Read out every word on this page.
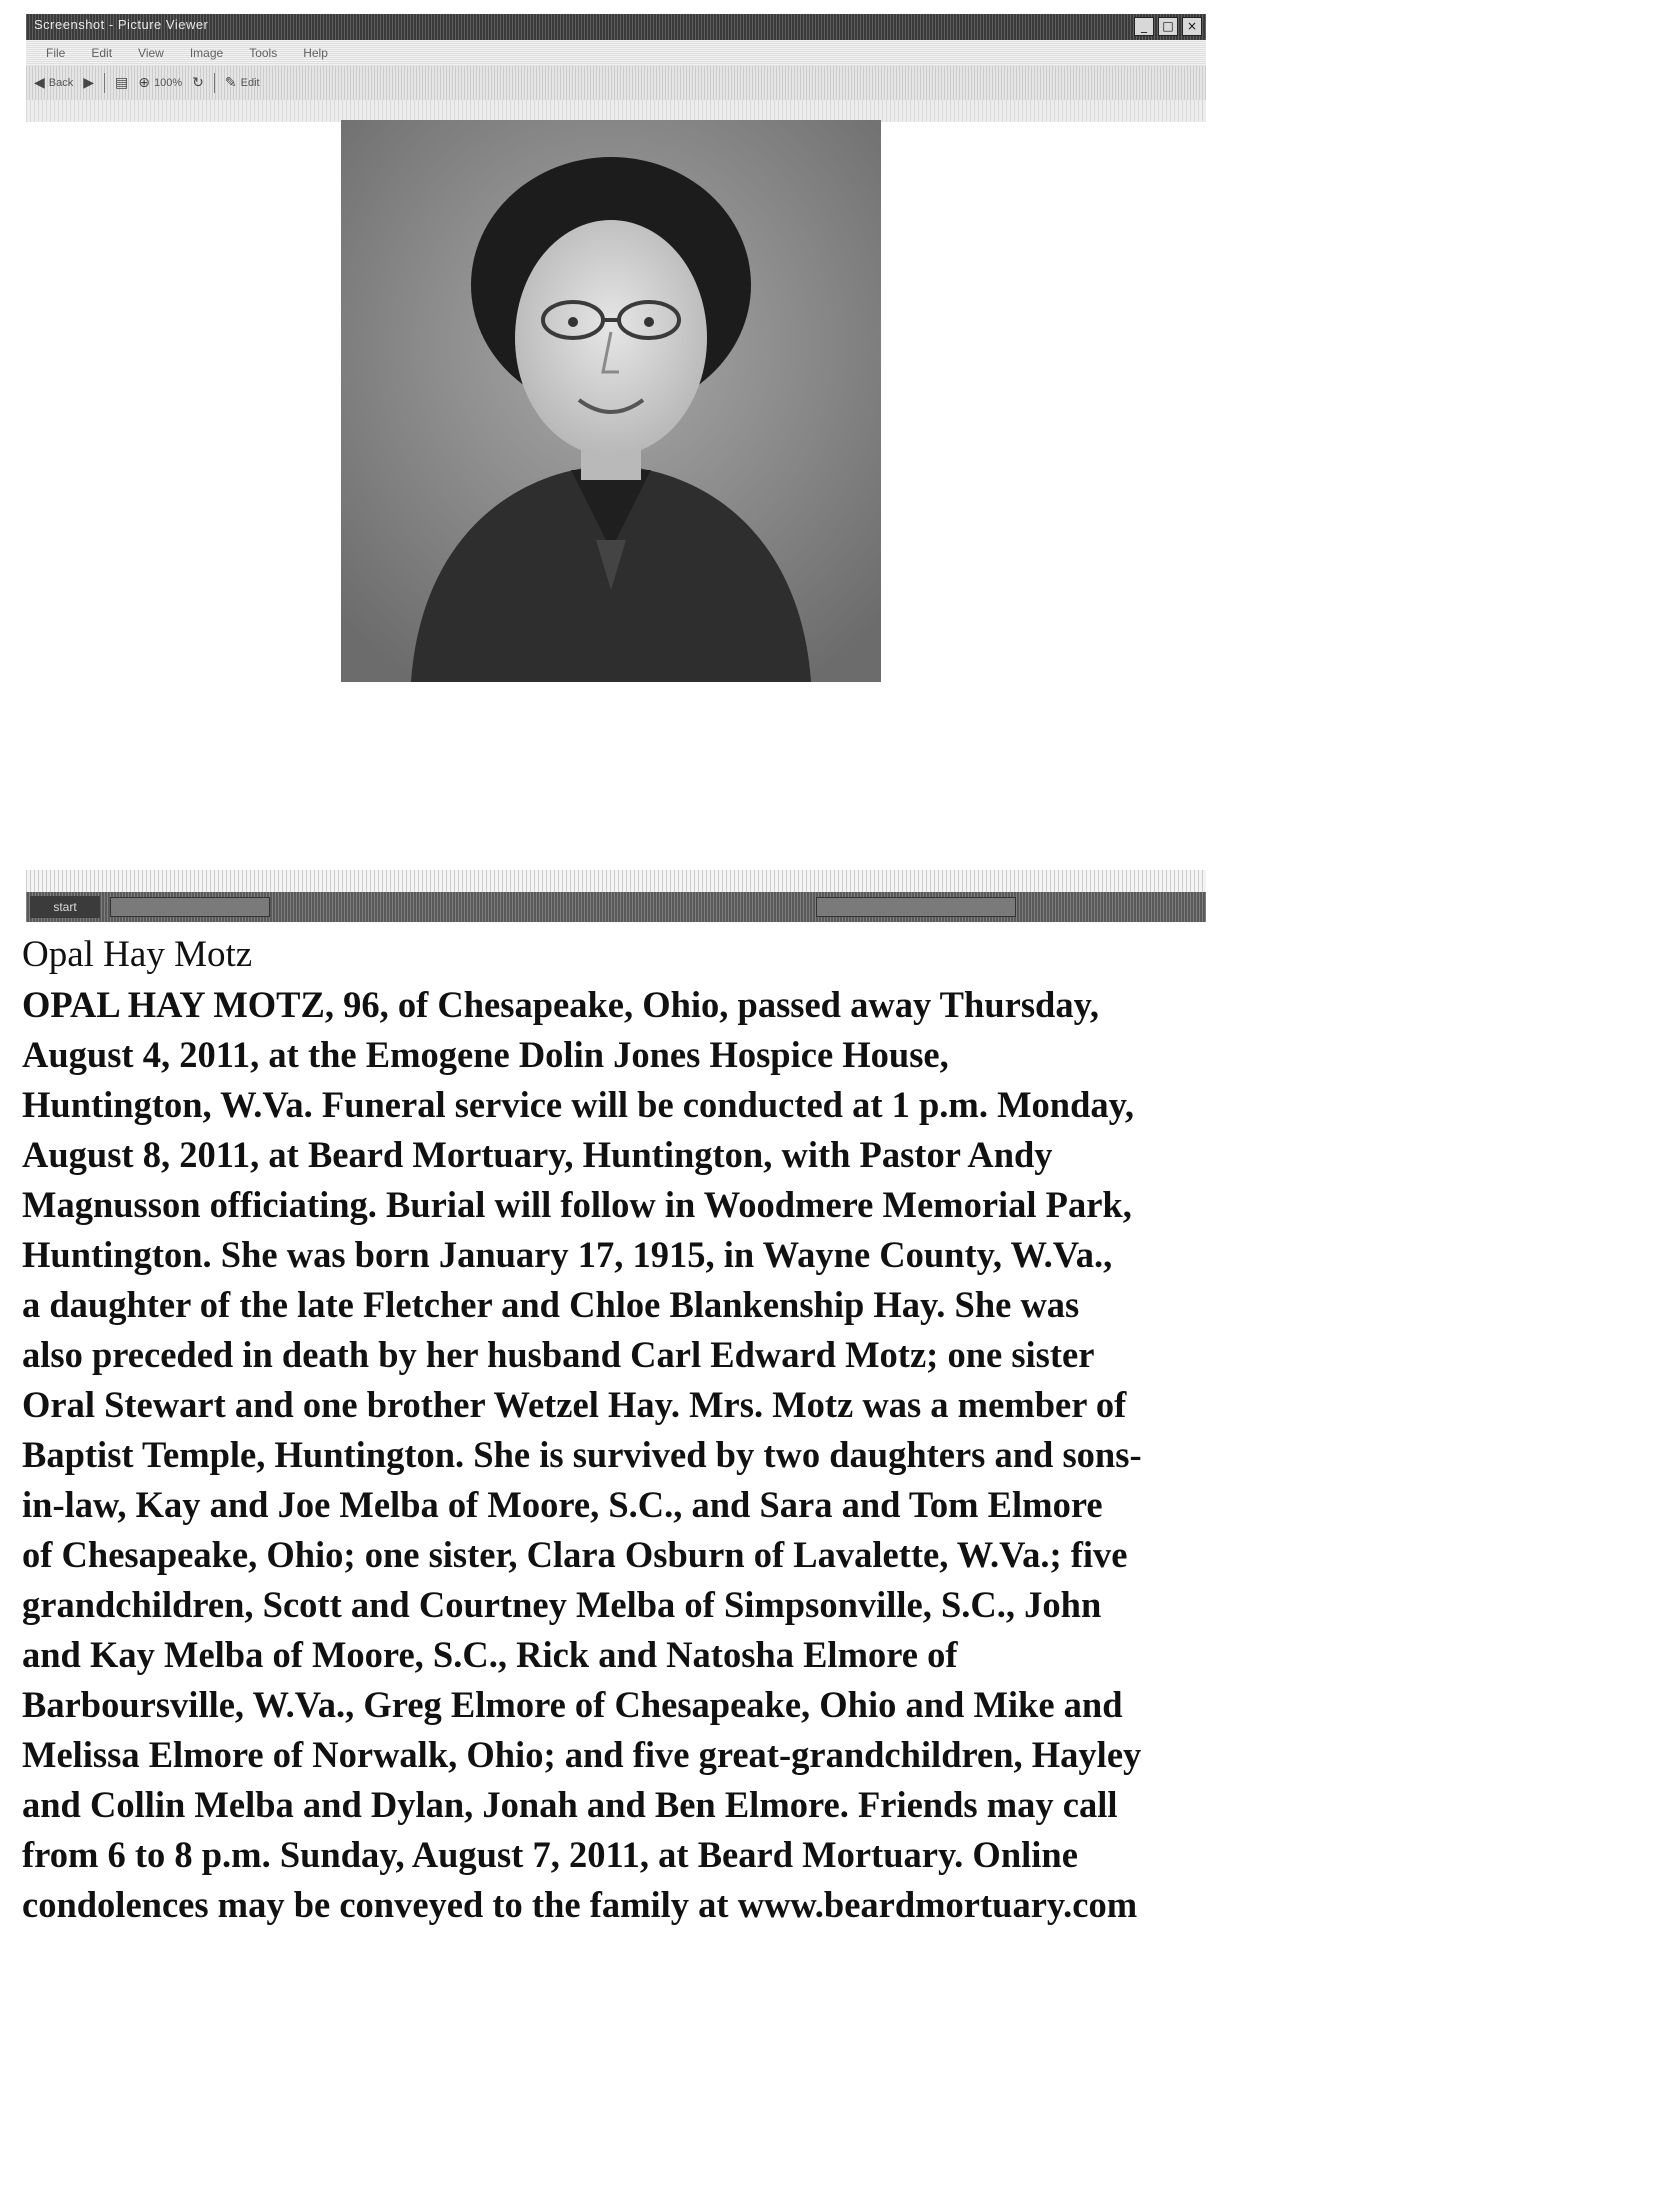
Screenshot - Picture Viewer	_	□	×
File Edit View Image Tools Help
◀ Back ▶ ▤ ⊕ 100% ↻ ✎ Edit
start

Opal Hay Motz

OPAL HAY MOTZ, 96, of Chesapeake, Ohio, passed away Thursday,

August 4, 2011, at the Emogene Dolin Jones Hospice House,

Huntington, W.Va. Funeral service will be conducted at 1 p.m. Monday,

August 8, 2011, at Beard Mortuary, Huntington, with Pastor Andy

Magnusson officiating. Burial will follow in Woodmere Memorial Park,

Huntington. She was born January 17, 1915, in Wayne County, W.Va.,

a daughter of the late Fletcher and Chloe Blankenship Hay. She was

also preceded in death by her husband Carl Edward Motz; one sister

Oral Stewart and one brother Wetzel Hay. Mrs. Motz was a member of

Baptist Temple, Huntington. She is survived by two daughters and sons-

in-law, Kay and Joe Melba of Moore, S.C., and Sara and Tom Elmore

of Chesapeake, Ohio; one sister, Clara Osburn of Lavalette, W.Va.; five

grandchildren, Scott and Courtney Melba of Simpsonville, S.C., John

and Kay Melba of Moore, S.C., Rick and Natosha Elmore of

Barboursville, W.Va., Greg Elmore of Chesapeake, Ohio and Mike and

Melissa Elmore of Norwalk, Ohio; and five great-grandchildren, Hayley

and Collin Melba and Dylan, Jonah and Ben Elmore. Friends may call

from 6 to 8 p.m. Sunday, August 7, 2011, at Beard Mortuary. Online

condolences may be conveyed to the family at www.beardmortuary.com
